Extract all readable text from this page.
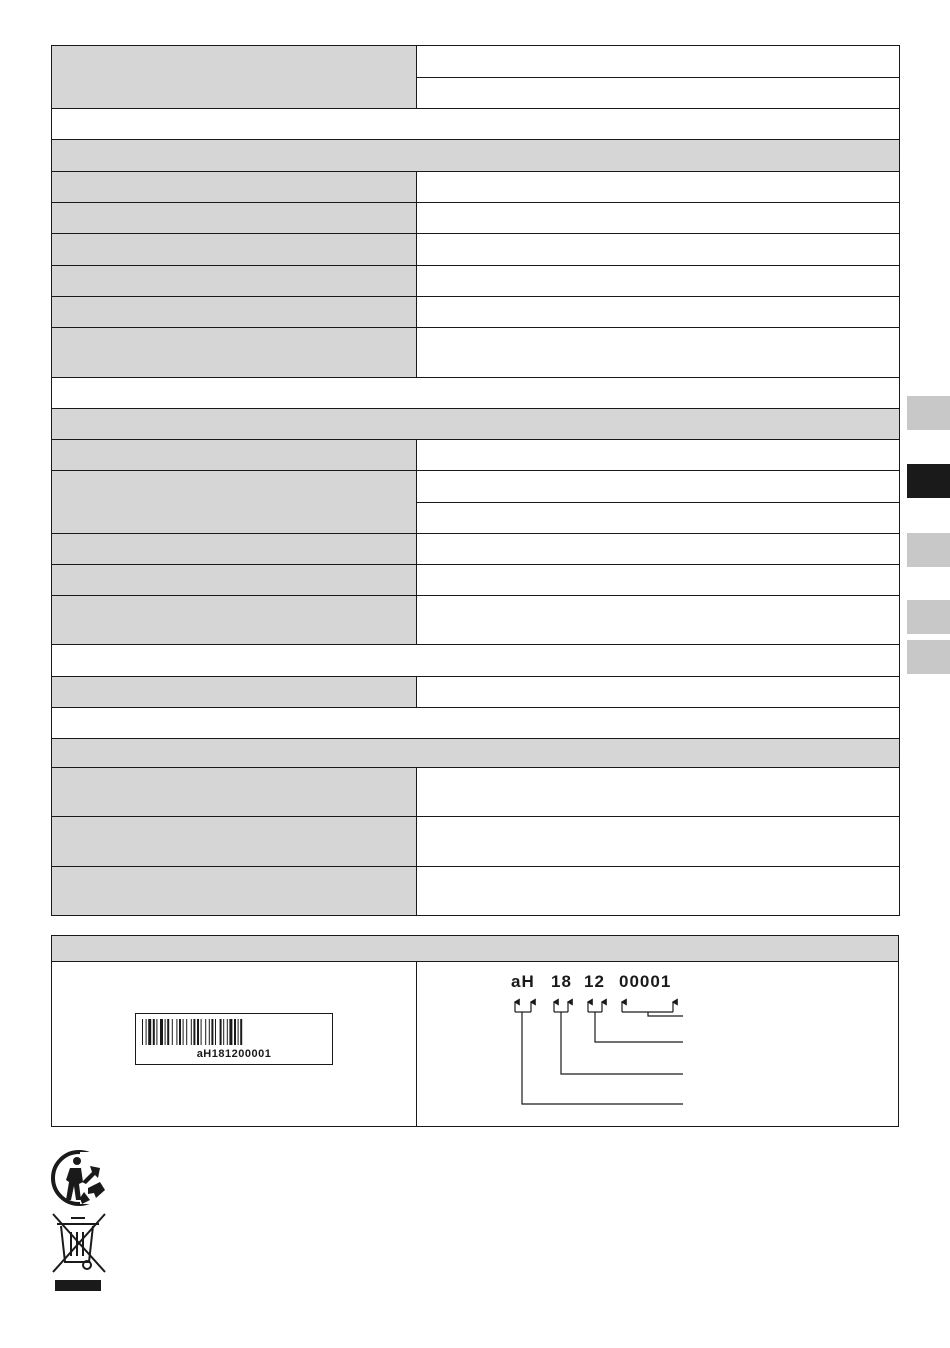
aH181200001
aH 18 12 00001
